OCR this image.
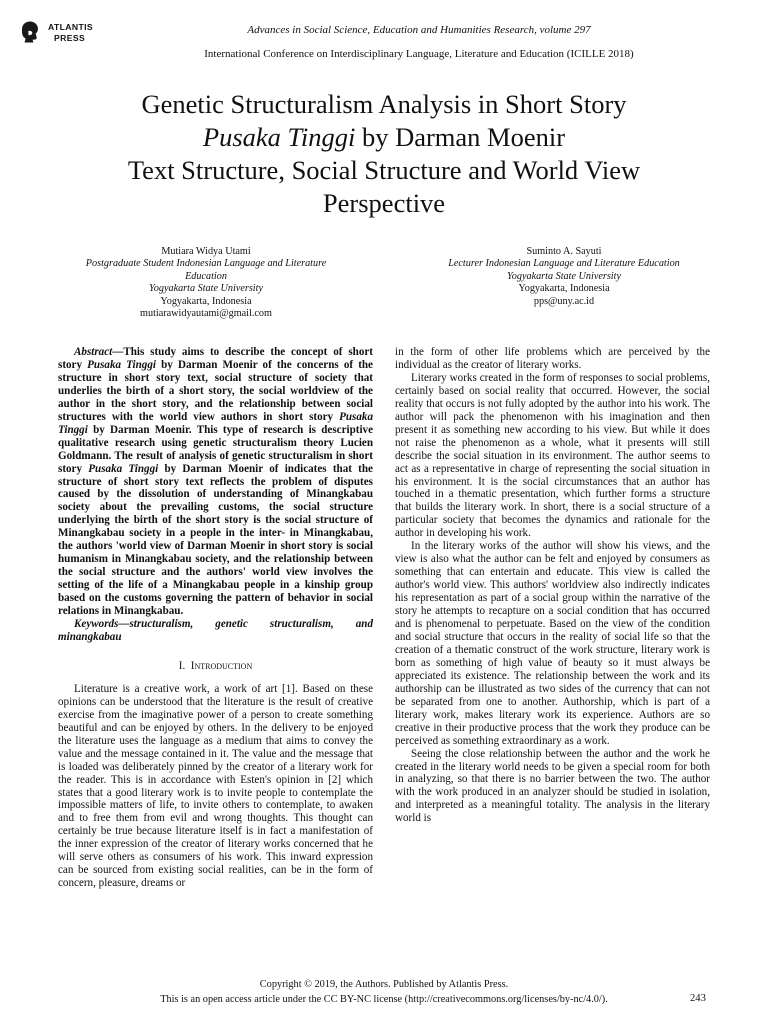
ATLANTIS
PRESS
Advances in Social Science, Education and Humanities Research, volume 297
International Conference on Interdisciplinary Language, Literature and Education (ICILLE 2018)
Genetic Structuralism Analysis in Short Story
Pusaka Tinggi by Darman Moenir
Text Structure, Social Structure and World View
Perspective
Mutiara Widya Utami
Postgraduate Student Indonesian Language and Literature
Education
Yogyakarta State University
Yogyakarta, Indonesia
mutiarawidyautami@gmail.com
Suminto A. Sayuti
Lecturer Indonesian Language and Literature Education
Yogyakarta State University
Yogyakarta, Indonesia
pps@uny.ac.id

Abstract—This study aims to describe the concept of short story Pusaka Tinggi by Darman Moenir of the concerns of the structure in short story text, social structure of society that underlies the birth of a short story, the social worldview of the author in the short story, and the relationship between social structures with the world view authors in short story Pusaka Tinggi by Darman Moenir. This type of research is descriptive qualitative research using genetic structuralism theory Lucien Goldmann. The result of analysis of genetic structuralism in short story Pusaka Tinggi by Darman Moenir of indicates that the structure of short story text reflects the problem of disputes caused by the dissolution of understanding of Minangkabau society about the prevailing customs, the social structure underlying the birth of the short story is the social structure of Minangkabau society in a people in the inter- in Minangkabau, the authors 'world view of Darman Moenir in short story is social humanism in Minangkabau society, and the relationship between the social structure and the authors' world view involves the setting of the life of a Minangkabau people in a kinship group based on the customs governing the pattern of behavior in social relations in Minangkabau.

Keywords—structuralism, genetic structuralism, and minangkabau

I. Introduction

Literature is a creative work, a work of art [1]. Based on these opinions can be understood that the literature is the result of creative exercise from the imaginative power of a person to create something beautiful and can be enjoyed by others. In the delivery to be enjoyed the literature uses the language as a medium that aims to convey the value and the message contained in it. The value and the message that is loaded was deliberately pinned by the creator of a literary work for the reader. This is in accordance with Esten's opinion in [2] which states that a good literary work is to invite people to contemplate the impossible matters of life, to invite others to contemplate, to awaken and to free them from evil and wrong thoughts. This thought can certainly be true because literature itself is in fact a manifestation of the inner expression of the creator of literary works concerned that he will serve others as consumers of his work. This inward expression can be sourced from existing social realities, can be in the form of concern, pleasure, dreams or

in the form of other life problems which are perceived by the individual as the creator of literary works.

Literary works created in the form of responses to social problems, certainly based on social reality that occurred. However, the social reality that occurs is not fully adopted by the author into his work. The author will pack the phenomenon with his imagination and then present it as something new according to his view. But while it does not raise the phenomenon as a whole, what it presents will still describe the social situation in its environment. The author seems to act as a representative in charge of representing the social situation in his environment. It is the social circumstances that an author has touched in a thematic presentation, which further forms a structure that builds the literary work. In short, there is a social structure of a particular society that becomes the dynamics and rationale for the author in developing his work.

In the literary works of the author will show his views, and the view is also what the author can be felt and enjoyed by consumers as something that can entertain and educate. This view is called the author's world view. This authors' worldview also indirectly indicates his representation as part of a social group within the narrative of the story he attempts to recapture on a social condition that has occurred and is phenomenal to perpetuate. Based on the view of the condition and social structure that occurs in the reality of social life so that the creation of a thematic construct of the work structure, literary work is born as something of high value of beauty so it must always be appreciated its existence. The relationship between the work and its authorship can be illustrated as two sides of the currency that can not be separated from one to another. Authorship, which is part of a literary work, makes literary work its experience. Authors are so creative in their productive process that the work they produce can be perceived as something extraordinary as a work.

Seeing the close relationship between the author and the work he created in the literary world needs to be given a special room for both in analyzing, so that there is no barrier between the two. The author with the work produced in an analyzer should be studied in isolation, and interpreted as a meaningful totality. The analysis in the literary world is

Copyright © 2019, the Authors. Published by Atlantis Press.
This is an open access article under the CC BY-NC license (http://creativecommons.org/licenses/by-nc/4.0/).	243
